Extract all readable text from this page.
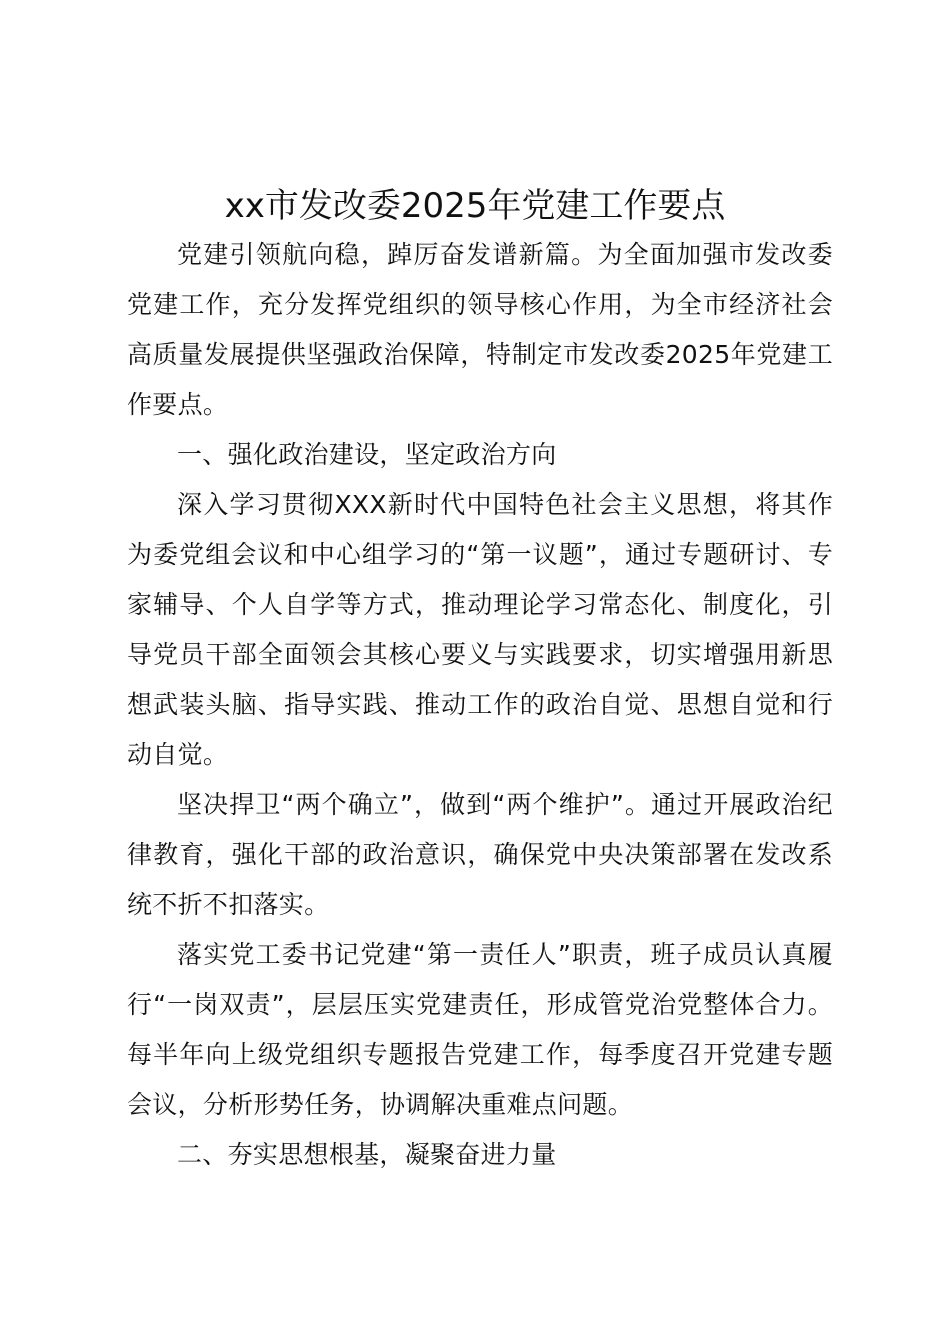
xx市发改委2025年党建工作要点

党建引领航向稳，踔厉奋发谱新篇。为全面加强市发改委党建工作，充分发挥党组织的领导核心作用，为全市经济社会高质量发展提供坚强政治保障，特制定市发改委2025年党建工作要点。

一、强化政治建设，坚定政治方向

深入学习贯彻XXX新时代中国特色社会主义思想，将其作为委党组会议和中心组学习的“第一议题”，通过专题研讨、专家辅导、个人自学等方式，推动理论学习常态化、制度化，引导党员干部全面领会其核心要义与实践要求，切实增强用新思想武装头脑、指导实践、推动工作的政治自觉、思想自觉和行动自觉。

坚决捍卫“两个确立”，做到“两个维护”。通过开展政治纪律教育，强化干部的政治意识，确保党中央决策部署在发改系统不折不扣落实。

落实党工委书记党建“第一责任人”职责，班子成员认真履行“一岗双责”，层层压实党建责任，形成管党治党整体合力。每半年向上级党组织专题报告党建工作，每季度召开党建专题会议，分析形势任务，协调解决重难点问题。

二、夯实思想根基，凝聚奋进力量
